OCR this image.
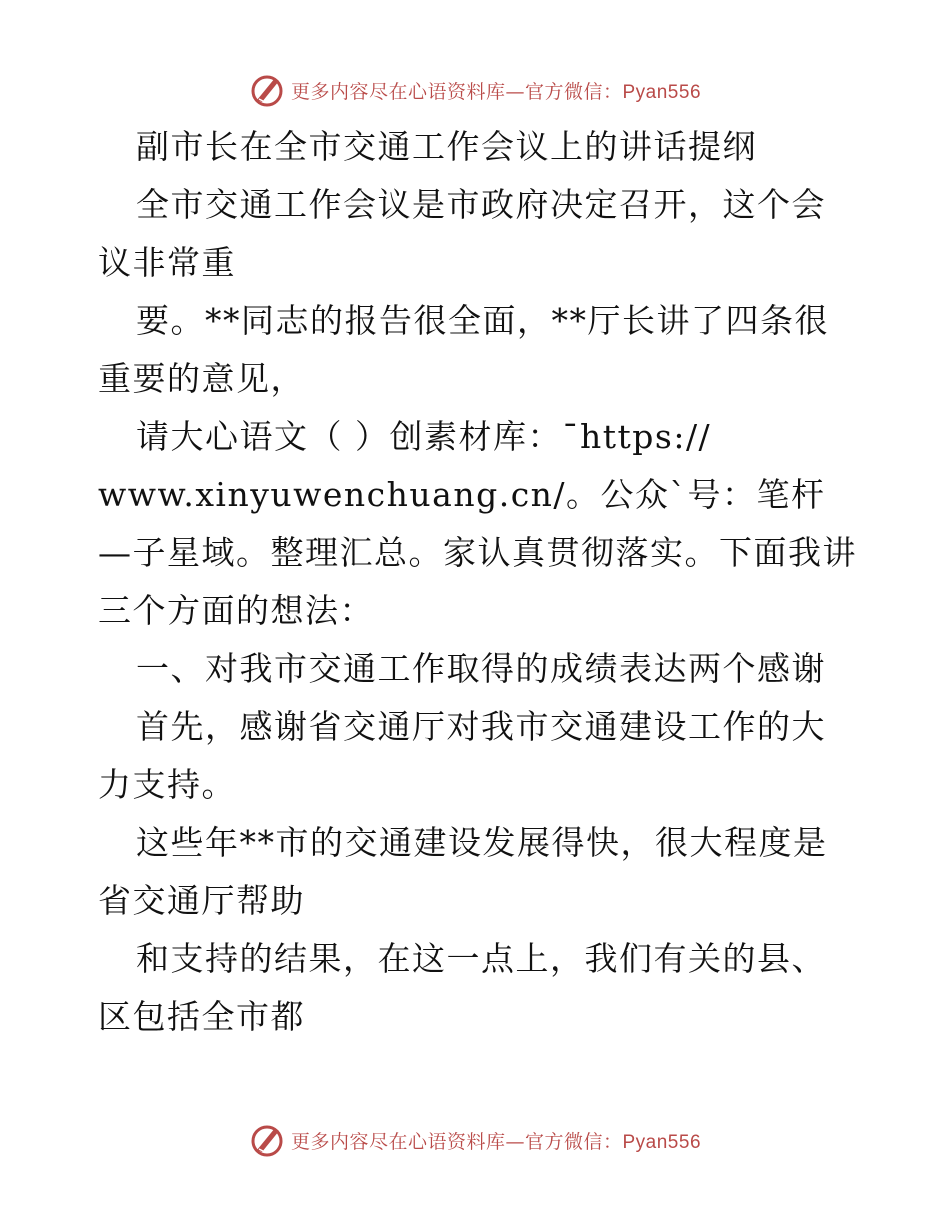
更多内容尽在心语资料库—官方微信：Pyan556

副市长在全市交通工作会议上的讲话提纲

全市交通工作会议是市政府决定召开，这个会议非常重

要。**同志的报告很全面，**厅长讲了四条很重要的意见，

请大心语文（ ）创素材库：¯https://

www.xinyuwenchuang.cn/。公众`号：笔杆—子星域。整理汇总。家认真贯彻落实。下面我讲三个方面的想法：

一、对我市交通工作取得的成绩表达两个感谢

首先，感谢省交通厅对我市交通建设工作的大力支持。

这些年**市的交通建设发展得快，很大程度是省交通厅帮助

和支持的结果，在这一点上，我们有关的县、区包括全市都

更多内容尽在心语资料库—官方微信：Pyan556
